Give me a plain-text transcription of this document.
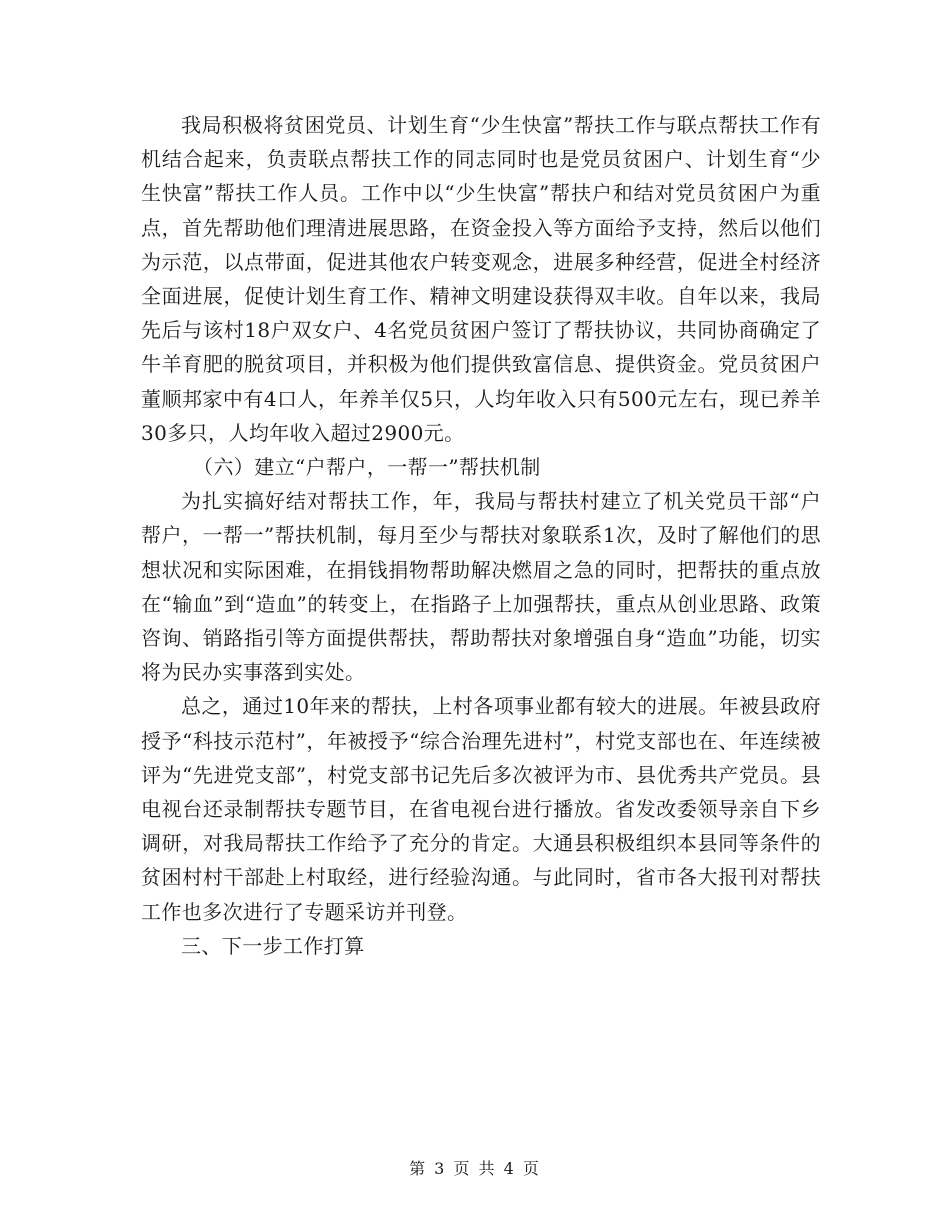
我局积极将贫困党员、计划生育“少生快富”帮扶工作与联点帮扶工作有机结合起来，负责联点帮扶工作的同志同时也是党员贫困户、计划生育“少生快富”帮扶工作人员。工作中以“少生快富”帮扶户和结对党员贫困户为重点，首先帮助他们理清进展思路，在资金投入等方面给予支持，然后以他们为示范，以点带面，促进其他农户转变观念，进展多种经营，促进全村经济全面进展，促使计划生育工作、精神文明建设获得双丰收。自年以来，我局先后与该村18户双女户、4名党员贫困户签订了帮扶协议，共同协商确定了牛羊育肥的脱贫项目，并积极为他们提供致富信息、提供资金。党员贫困户董顺邦家中有4口人，年养羊仅5只，人均年收入只有500元左右，现已养羊30多只，人均年收入超过2900元。

（六）建立“户帮户，一帮一”帮扶机制

为扎实搞好结对帮扶工作，年，我局与帮扶村建立了机关党员干部“户帮户，一帮一”帮扶机制，每月至少与帮扶对象联系1次，及时了解他们的思想状况和实际困难，在捐钱捐物帮助解决燃眉之急的同时，把帮扶的重点放在“输血”到“造血”的转变上，在指路子上加强帮扶，重点从创业思路、政策咨询、销路指引等方面提供帮扶，帮助帮扶对象增强自身“造血”功能，切实将为民办实事落到实处。

总之，通过10年来的帮扶，上村各项事业都有较大的进展。年被县政府授予“科技示范村”，年被授予“综合治理先进村”，村党支部也在、年连续被评为“先进党支部”，村党支部书记先后多次被评为市、县优秀共产党员。县电视台还录制帮扶专题节目，在省电视台进行播放。省发改委领导亲自下乡调研，对我局帮扶工作给予了充分的肯定。大通县积极组织本县同等条件的贫困村村干部赴上村取经，进行经验沟通。与此同时，省市各大报刊对帮扶工作也多次进行了专题采访并刊登。

三、下一步工作打算

第 3 页 共 4 页
